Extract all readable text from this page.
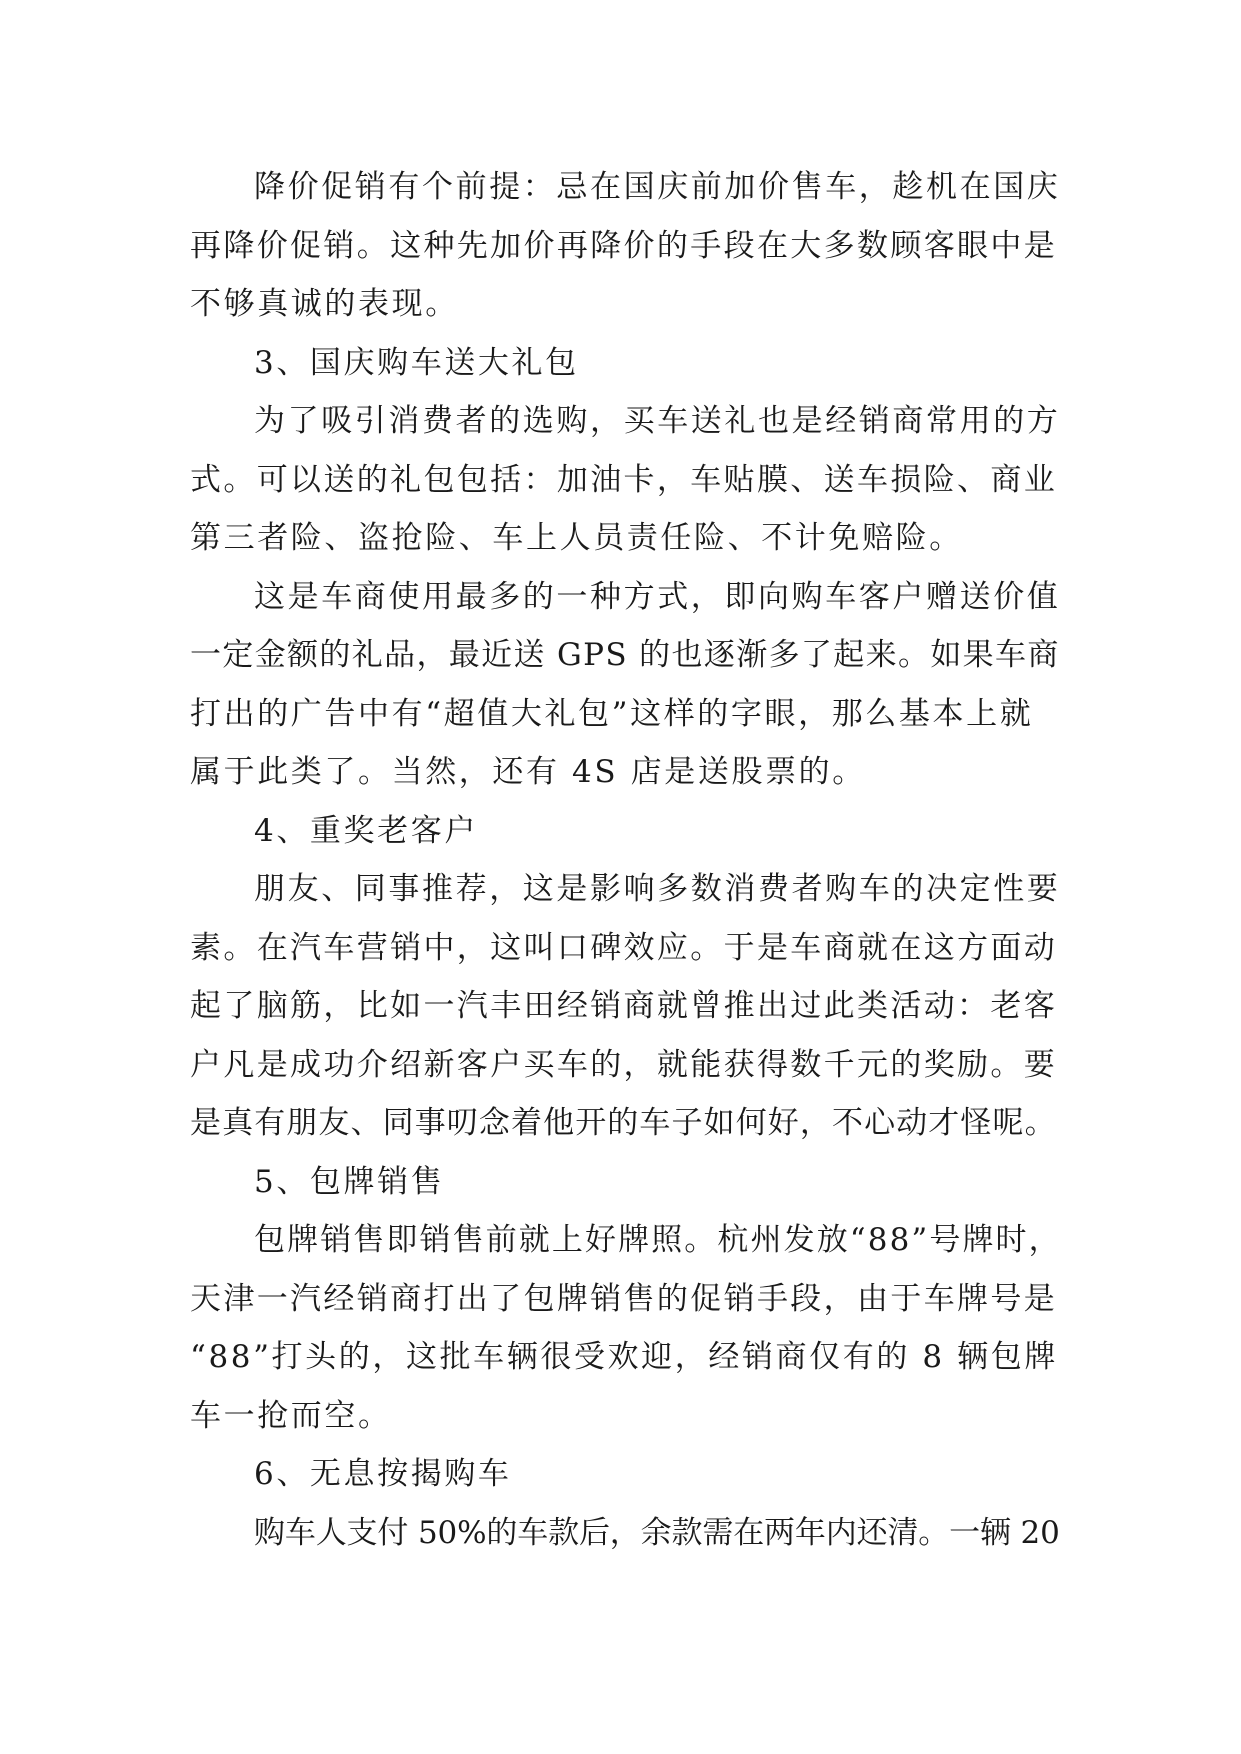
降价促销有个前提：忌在国庆前加价售车，趁机在国庆
再降价促销。这种先加价再降价的手段在大多数顾客眼中是
不够真诚的表现。
3、国庆购车送大礼包
为了吸引消费者的选购，买车送礼也是经销商常用的方
式。可以送的礼包包括：加油卡，车贴膜、送车损险、商业
第三者险、盗抢险、车上人员责任险、不计免赔险。
这是车商使用最多的一种方式，即向购车客户赠送价值
一定金额的礼品，最近送 GPS 的也逐渐多了起来。如果车商
打出的广告中有“超值大礼包”这样的字眼，那么基本上就
属于此类了。当然，还有 4S 店是送股票的。
4、重奖老客户
朋友、同事推荐，这是影响多数消费者购车的决定性要
素。在汽车营销中，这叫口碑效应。于是车商就在这方面动
起了脑筋，比如一汽丰田经销商就曾推出过此类活动：老客
户凡是成功介绍新客户买车的，就能获得数千元的奖励。要
是真有朋友、同事叨念着他开的车子如何好，不心动才怪呢。
5、包牌销售
包牌销售即销售前就上好牌照。杭州发放“88”号牌时，
天津一汽经销商打出了包牌销售的促销手段，由于车牌号是
“88”打头的，这批车辆很受欢迎，经销商仅有的 8 辆包牌
车一抢而空。
6、无息按揭购车
购车人支付 50%的车款后，余款需在两年内还清。一辆 20
